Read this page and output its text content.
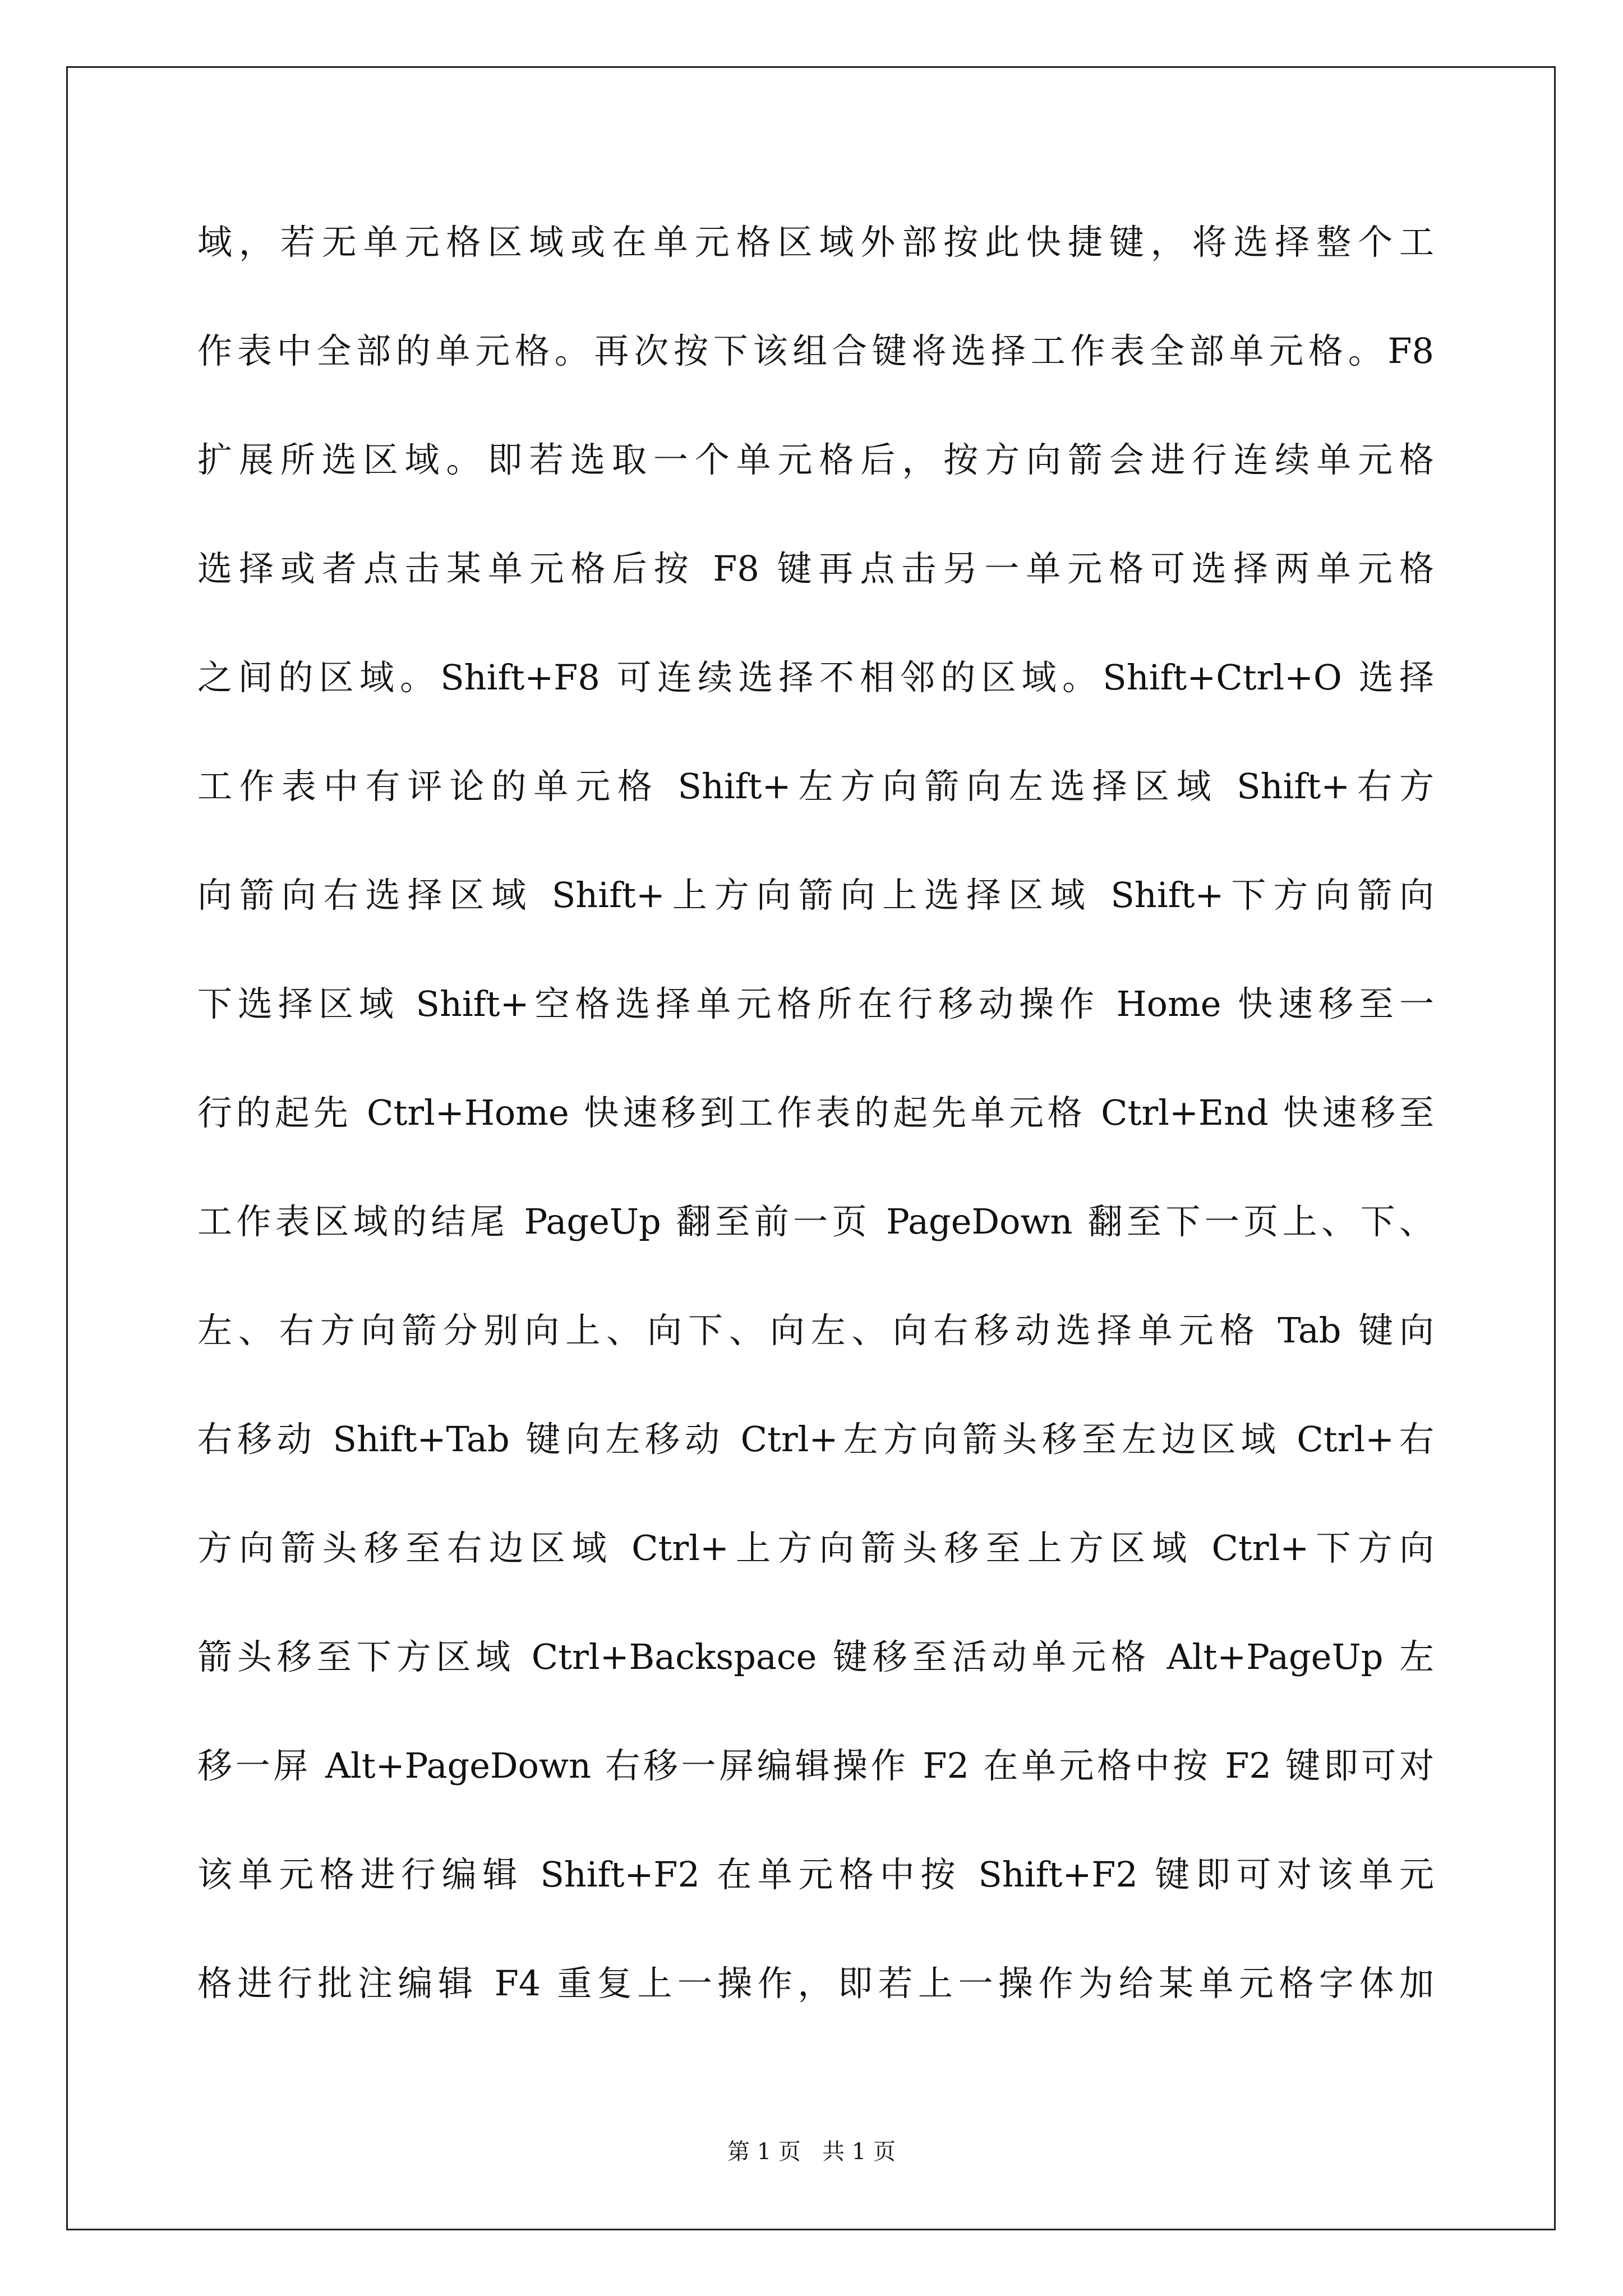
域，若无单元格区域或在单元格区域外部按此快捷键，将选择整个工
作表中全部的单元格。再次按下该组合键将选择工作表全部单元格。F8
扩展所选区域。即若选取一个单元格后，按方向箭会进行连续单元格
选择或者点击某单元格后按 F8 键再点击另一单元格可选择两单元格
之间的区域。Shift+F8 可连续选择不相邻的区域。Shift+Ctrl+O 选择
工作表中有评论的单元格 Shift+左方向箭向左选择区域 Shift+右方
向箭向右选择区域 Shift+上方向箭向上选择区域 Shift+下方向箭向
下选择区域 Shift+空格选择单元格所在行移动操作 Home 快速移至一
行的起先 Ctrl+Home 快速移到工作表的起先单元格 Ctrl+End 快速移至
工作表区域的结尾 PageUp 翻至前一页 PageDown 翻至下一页上、下、
左、右方向箭分别向上、向下、向左、向右移动选择单元格 Tab 键向
右移动 Shift+Tab 键向左移动 Ctrl+左方向箭头移至左边区域 Ctrl+右
方向箭头移至右边区域 Ctrl+上方向箭头移至上方区域 Ctrl+下方向
箭头移至下方区域 Ctrl+Backspace 键移至活动单元格 Alt+PageUp 左
移一屏 Alt+PageDown 右移一屏编辑操作 F2 在单元格中按 F2 键即可对
该单元格进行编辑 Shift+F2 在单元格中按 Shift+F2 键即可对该单元
格进行批注编辑 F4 重复上一操作，即若上一操作为给某单元格字体加
第 1 页   共 1 页
